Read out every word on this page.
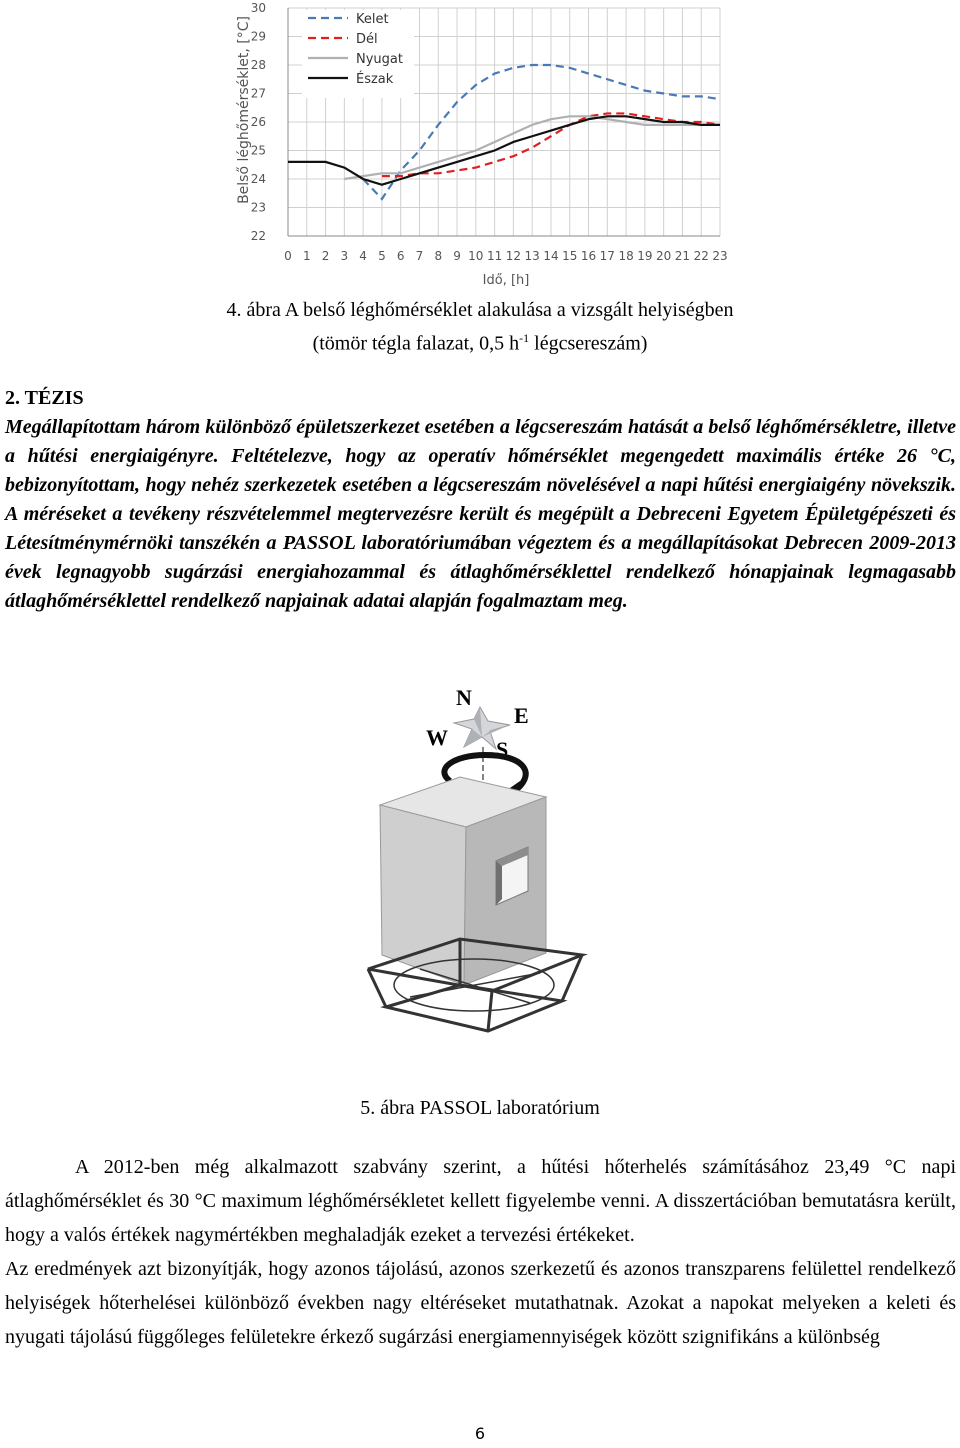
0 1 2 3 4 5 6 7 8 9 10 11 12 13 14 15 16 17 18 19 20 21 22 23
22
23
24
25
26
27
28
29
30
Kelet
Dél
Nyugat
Észak
Idő, [h]
Belső léghőmérséklet, [°C]
4. ábra A belső léghőmérséklet alakulása a vizsgált helyiségben
(tömör tégla falazat, 0,5 $h^{-1}$ légcsereszám)
2. TÉZIS
Megállapítottam három különböző épületszerkezet esetében a légcsereszám hatását a belső léghőmérsékletre, illetve a hűtési energiaigényre. Feltételezve, hogy az operatív hőmérséklet megengedett maximális értéke 26 °C, bebizonyítottam, hogy nehéz szerkezetek esetében a légcsereszám növelésével a napi hűtési energiaigény növekszik. A méréseket a tevékeny részvételemmel megtervezésre került és megépült a Debreceni Egyetem Épületgépészeti és Létesítménymérnöki tanszékén a PASSOL laboratóriumában végeztem és a megállapításokat Debrecen 2009-2013 évek legnagyobb sugárzási energiahozammal és átlaghőmérséklettel rendelkező hónapjainak legmagasabb átlaghőmérséklettel rendelkező napjainak adatai alapján fogalmaztam meg.
N
E
W S
5. ábra PASSOL laboratórium

A 2012-ben még alkalmazott szabvány szerint, a hűtési hőterhelés számításához 23,49 °C napi átlaghőmérséklet és 30 °C maximum léghőmérsékletet kellett figyelembe venni. A disszertációban bemutatásra került, hogy a valós értékek nagymértékben meghaladják ezeket a tervezési értékeket.

Az eredmények azt bizonyítják, hogy azonos tájolású, azonos szerkezetű és azonos transzparens felülettel rendelkező helyiségek hőterhelései különböző években nagy eltéréseket mutathatnak. Azokat a napokat melyeken a keleti és nyugati tájolású függőleges felületekre érkező sugárzási energiamennyiségek között szignifikáns a különbség

6
